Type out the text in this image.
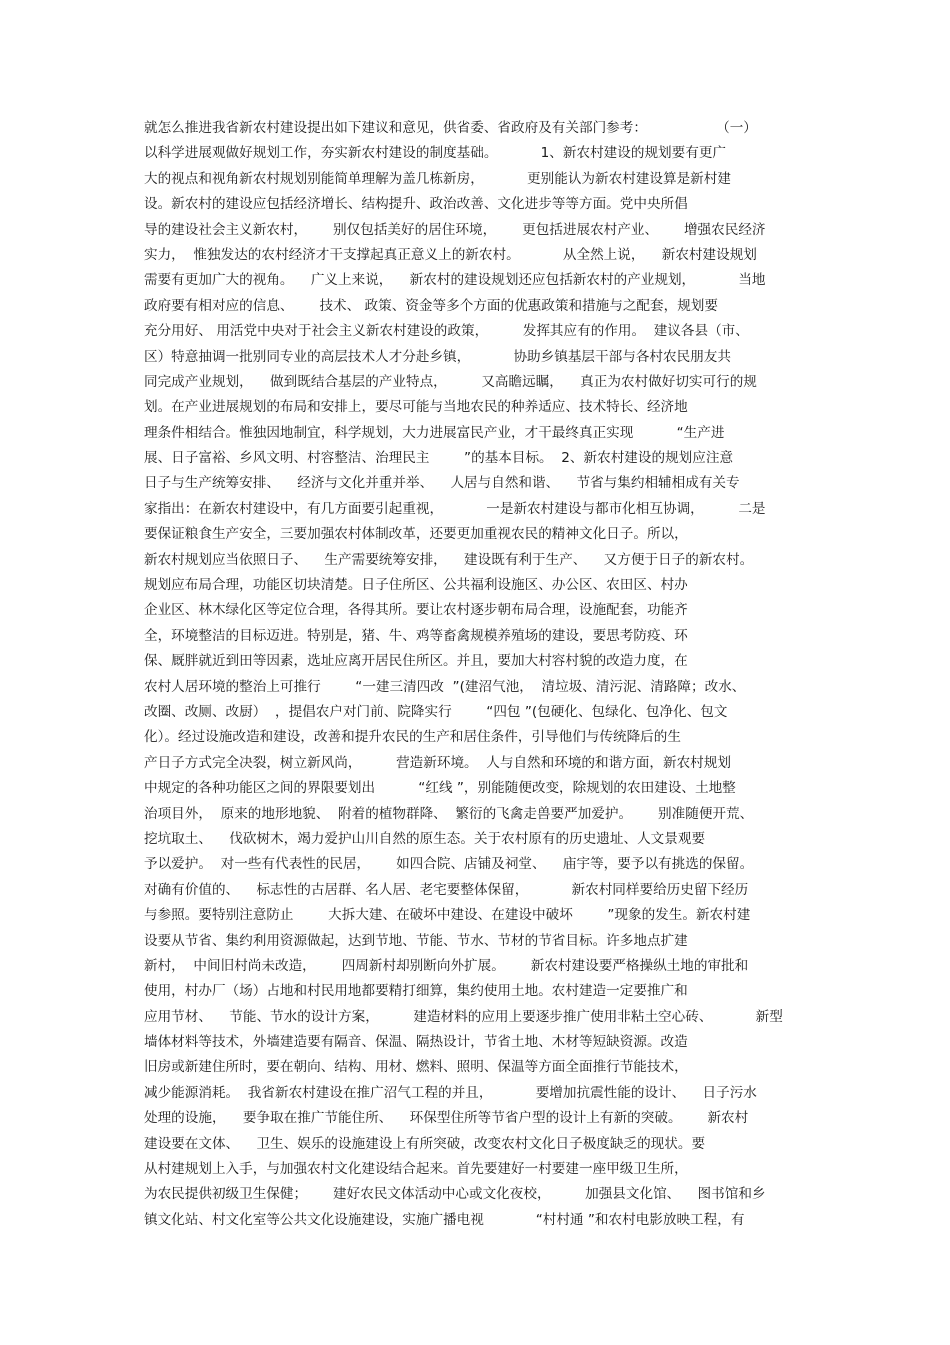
就怎么推进我省新农村建设提出如下建议和意见，供省委、省政府及有关部门参考：                （一）
以科学进展观做好规划工作，夯实新农村建设的制度基础。          1、新农村建设的规划要有更广
大的视点和视角新农村规划别能简单理解为盖几栋新房，          更别能认为新农村建设算是新村建
设。新农村的建设应包括经济增长、结构提升、政治改善、文化进步等等方面。党中央所倡
导的建设社会主义新农村，      别仅包括美好的居住环境，      更包括进展农村产业、      增强农民经济
实力，  惟独发达的农村经济才干支撑起真正意义上的新农村。          从全然上说，    新农村建设规划
需要有更加广大的视角。    广义上来说，    新农村的建设规划还应包括新农村的产业规划，          当地
政府要有相对应的信息、      技术、 政策、资金等多个方面的优惠政策和措施与之配套，规划要
充分用好、 用活党中央对于社会主义新农村建设的政策，        发挥其应有的作用。  建议各县（市、
区）特意抽调一批别同专业的高层技术人才分赴乡镇，          协助乡镇基层干部与各村农民朋友共
同完成产业规划，    做到既结合基层的产业特点，        又高瞻远瞩，    真正为农村做好切实可行的规
划。在产业进展规划的布局和安排上，要尽可能与当地农民的种养适应、技术特长、经济地
理条件相结合。惟独因地制宜，科学规划，大力进展富民产业，才干最终真正实现          “生产进
展、日子富裕、乡风文明、村容整洁、治理民主        ”的基本目标。  2、新农村建设的规划应注意
日子与生产统筹安排、    经济与文化并重并举、    人居与自然和谐、    节省与集约相辅相成有关专
家指出：在新农村建设中，有几方面要引起重视，          一是新农村建设与都市化相互协调，        二是
要保证粮食生产安全，三要加强农村体制改革，还要更加重视农民的精神文化日子。所以，
新农村规划应当依照日子、    生产需要统筹安排，    建设既有利于生产、    又方便于日子的新农村。
规划应布局合理，功能区切块清楚。日子住所区、公共福利设施区、办公区、农田区、村办
企业区、林木绿化区等定位合理，各得其所。要让农村逐步朝布局合理，设施配套，功能齐
全，环境整洁的目标迈进。特别是，猪、牛、鸡等畜禽规模养殖场的建设，要思考防疫、环
保、厩胖就近到田等因素，选址应离开居民住所区。并且，要加大村容村貌的改造力度，在
农村人居环境的整治上可推行        “一建三清四改  ”(建沼气池，  清垃圾、清污泥、清路障；改水、
改圈、改厕、改厨）  ，提倡农户对门前、院降实行        “四包 ”(包硬化、包绿化、包净化、包文
化）。经过设施改造和建设，改善和提升农民的生产和居住条件，引导他们与传统降后的生
产日子方式完全决裂，树立新风尚，        营造新环境。  人与自然和环境的和谐方面，新农村规划
中规定的各种功能区之间的界限要划出          “红线 ”，别能随便改变，除规划的农田建设、土地整
治项目外，  原来的地形地貌、  附着的植物群降、  繁衍的飞禽走兽要严加爱护。      别准随便开荒、
挖坑取土、    伐砍树木，竭力爱护山川自然的原生态。关于农村原有的历史遗址、人文景观要
予以爱护。  对一些有代表性的民居，      如四合院、店铺及祠堂、    庙宇等，要予以有挑选的保留。
对确有价值的、    标志性的古居群、名人居、老宅要整体保留，          新农村同样要给历史留下经历
与参照。要特别注意防止        大拆大建、在破坏中建设、在建设中破坏        ”现象的发生。新农村建
设要从节省、集约利用资源做起，达到节地、节能、节水、节材的节省目标。许多地点扩建
新村，  中间旧村尚未改造，      四周新村却别断向外扩展。      新农村建设要严格操纵土地的审批和
使用，村办厂（场）占地和村民用地都要精打细算，集约使用土地。农村建造一定要推广和
应用节材、    节能、节水的设计方案，        建造材料的应用上要逐步推广使用非粘土空心砖、          新型
墙体材料等技术，外墙建造要有隔音、保温、隔热设计，节省土地、木材等短缺资源。改造
旧房或新建住所时，要在朝向、结构、用材、燃料、照明、保温等方面全面推行节能技术，
减少能源消耗。  我省新农村建设在推广沼气工程的并且，          要增加抗震性能的设计、    日子污水
处理的设施，    要争取在推广节能住所、    环保型住所等节省户型的设计上有新的突破。      新农村
建设要在文体、    卫生、娱乐的设施建设上有所突破，改变农村文化日子极度缺乏的现状。要
从村建规划上入手，与加强农村文化建设结合起来。首先要建好一村要建一座甲级卫生所，
为农民提供初级卫生保健；      建好农民文体活动中心或文化夜校，        加强县文化馆、    图书馆和乡
镇文化站、村文化室等公共文化设施建设，实施广播电视            “村村通 ”和农村电影放映工程，有
